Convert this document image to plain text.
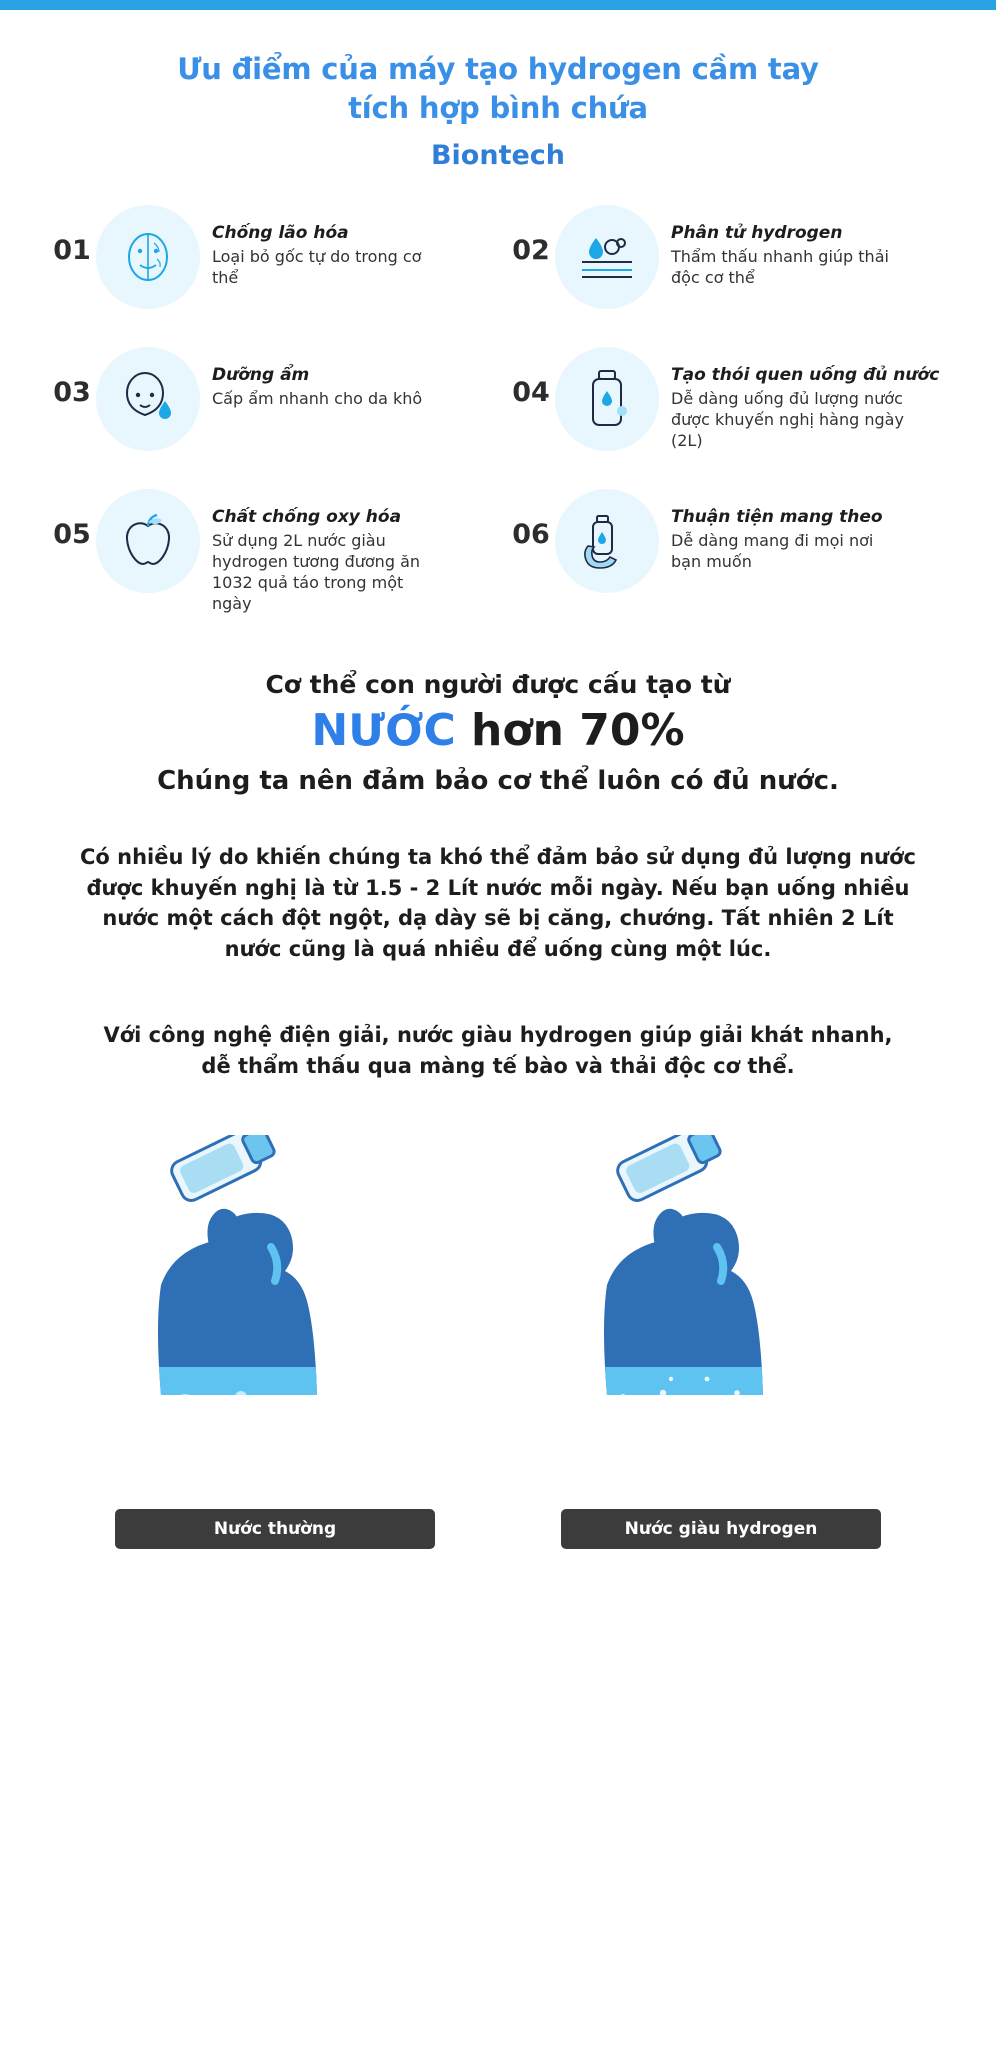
Ưu điểm của máy tạo hydrogen cầm tay
tích hợp bình chứa
Biontech
01
Chống lão hóa
Loại bỏ gốc tự do trong cơ thể
02
Phân tử hydrogen
Thẩm thấu nhanh giúp thải độc cơ thể
03
Dưỡng ẩm
Cấp ẩm nhanh cho da khô	04
Tạo thói quen uống đủ nước
Dễ dàng uống đủ lượng nước được khuyến nghị hàng ngày (2L)
05
Chất chống oxy hóa
Sử dụng 2L nước giàu hydrogen tương đương ăn 1032 quả táo trong một ngày
06
Thuận tiện mang theo
Dễ dàng mang đi mọi nơi bạn muốn
Cơ thể con người được cấu tạo từ
NƯỚC hơn 70%
Chúng ta nên đảm bảo cơ thể luôn có đủ nước.
Có nhiều lý do khiến chúng ta khó thể đảm bảo sử dụng đủ lượng nước được khuyến nghị là từ 1.5 - 2 Lít nước mỗi ngày. Nếu bạn uống nhiều nước một cách đột ngột, dạ dày sẽ bị căng, chướng. Tất nhiên 2 Lít nước cũng là quá nhiều để uống cùng một lúc.
Với công nghệ điện giải, nước giàu hydrogen giúp giải khát nhanh, dễ thẩm thấu qua màng tế bào và thải độc cơ thể.
Nước thường	Nước giàu hydrogen
